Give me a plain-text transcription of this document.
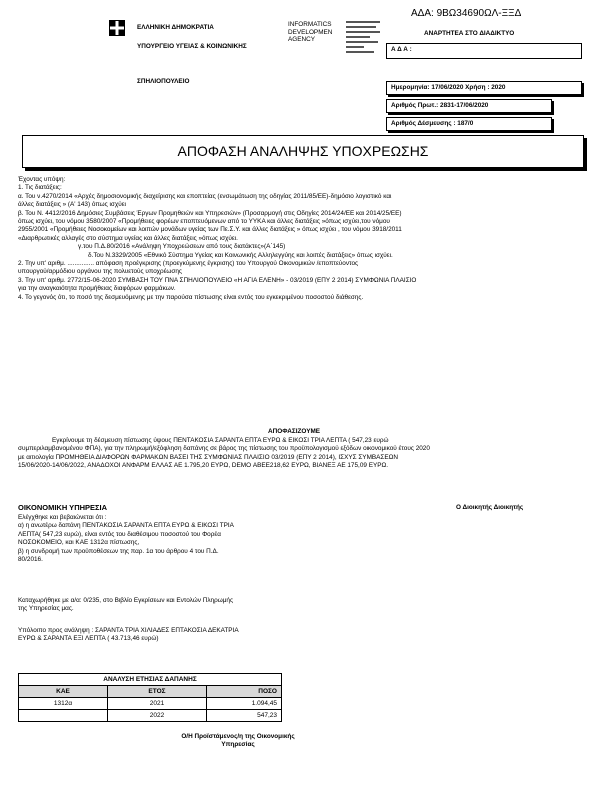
ΑΔΑ: 9ΒΩ34690ΩΛ-ΞΞΔ
ΕΛΛΗΝΙΚΗ ΔΗΜΟΚΡΑΤΙΑ
ΥΠΟΥΡΓΕΙΟ ΥΓΕΙΑΣ & ΚΟΙΝΩΝΙΚΗΣ
INFORMATICS
DEVELOPMEN
AGENCY
ΑΝΑΡΤΗΤΕΑ ΣΤΟ ΔΙΑΔΙΚΤΥΟ
Α Δ Α :
ΣΠΗΛΙΟΠΟΥΛΕΙΟ
Ημερομηνία: 17/06/2020 Χρήση : 2020
Αριθμός Πρωτ.: 2831-17/06/2020
Αριθμός Δέσμευσης : 187/0
ΑΠΟΦΑΣΗ ΑΝΑΛΗΨΗΣ ΥΠΟΧΡΕΩΣΗΣ

Έχοντας υπόψη:

1. Τις διατάξεις:

α. Του ν.4270/2014 «Αρχές δημοσιονομικής διαχείρισης και εποπτείας (ενσωμάτωση της οδηγίας 2011/85/ΕΕ)-δημόσιο λογιστικό και

άλλες διατάξεις » (Α' 143) όπως ισχύει

β. Του Ν. 4412/2016 Δημόσιες Συμβάσεις Έργων Προμηθειών και Υπηρεσιών» (Προσαρμογή στις Οδηγίες 2014/24/ΕΕ και 2014/25/ΕΕ)

όπως ισχύει, του νόμου 3580/2007 «Προμήθειες φορέων εποπτευόμενων από το ΥΥΚΑ και άλλες διατάξεις »όπως ισχύει,του νόμου

2955/2001 «Προμήθειες Νοσοκομείων και λοιπών μονάδων υγείας των Πε.Σ.Υ. και άλλες διατάξεις » όπως ισχύει , του νόμου 3918/2011

«Διαρθρωτικές αλλαγές στο σύστημα υγείας και άλλες διατάξεις »όπως ισχύει.

γ.του Π.Δ.80/2016 «Ανάληψη Υποχρεώσεων από τους διατάκτες»(Α΄145)

δ.Του Ν.3329/2005 «Εθνικό Σύστημα Υγείας και Κοινωνικής Αλληλεγγύης και λοιπές διατάξεις» όπως ισχύει.

2. Την υπ' αριθμ. ............... απόφαση προέγκρισης (προεγκύμενης έγκρισης) του Υπουργού Οικονομικών /εποπτεύοντος

υπουργού/αρμόδιου οργάνου της πολυετούς υποχρέωσης

3. Την υπ' αριθμ. 2772/15-06-2020 ΣΥΜΒΑΣΗ ΤΟΥ ΠΝΑ ΣΠΗΛΙΟΠΟΥΛΕΙΟ «Η ΑΓΙΑ ΕΛΕΝΗ» - 03/2019 (ΕΠΥ 2 2014) ΣΥΜΦΩΝΙΑ ΠΛΑΙΣΙΟ

για την αναγκαιότητα προμήθειας διαφόρων φαρμάκων.

4. Το γεγονός ότι, το ποσό της δεσμευόμενης με την παρούσα πίστωσης είναι εντός του εγκεκριμένου ποσοστού διάθεσης.

ΑΠΟΦΑΣΙΖΟΥΜΕ

Εγκρίνουμε τη δέσμευση πίστωσης ύψους ΠΕΝΤΑΚΟΣΙΑ ΣΑΡΑΝΤΑ ΕΠΤΑ ΕΥΡΩ & ΕΙΚΟΣΙ ΤΡΙΑ ΛΕΠΤΑ ( 547,23 ευρώ

συμπεριλαμβανομένου ΦΠΑ), για την πληρωμή/εξόφληση δαπάνης σε βάρος της πίστωσης του προϋπολογισμού εξόδων οικονομικού έτους 2020

με αιτιολογία ΠΡΟΜΗΘΕΙΑ ΔΙΑΦΟΡΩΝ ΦΑΡΜΑΚΩΝ ΒΑΣΕΙ ΤΗΣ ΣΥΜΦΩΝΙΑΣ ΠΛΑΙΣΙΟ 03/2019 (ΕΠΥ 2 2014), ΙΣΧΥΣ ΣΥΜΒΑΣΕΩΝ

15/06/2020-14/06/2022, ΑΝΑΔΟΧΟΙ ΑΝΦΑΡΜ ΕΛΛΑΣ ΑΕ 1.795,20 ΕΥΡΩ, DEMO ΑΒΕΕ218,62 ΕΥΡΩ, ΒΙΑΝΕΞ ΑΕ 175,09 ΕΥΡΩ.

ΟΙΚΟΝΟΜΙΚΗ ΥΠΗΡΕΣΙΑ	Ο Διοικητής Διοικητής

Ελέγχθηκε και βεβαιώνεται ότι :

α) η ανωτέρω δαπάνη ΠΕΝΤΑΚΟΣΙΑ ΣΑΡΑΝΤΑ ΕΠΤΑ ΕΥΡΩ & ΕΙΚΟΣΙ ΤΡΙΑ

ΛΕΠΤΑ( 547,23 ευρώ), είναι εντός του διαθέσιμου ποσοστού του Φορέα

ΝΟΣΟΚΟΜΕΙΟ, και ΚΑΕ 1312α πίστωσης,

β) η συνδρομή των προϋποθέσεων της παρ. 1α του άρθρου 4 του Π.Δ.

80/2016.

Καταχωρήθηκε με α/α: 0/235, στο Βιβλίο Εγκρίσεων και Εντολών Πληρωμής

της Υπηρεσίας μας.

Υπόλοιπο προς ανάληψη : ΣΑΡΑΝΤΑ ΤΡΙΑ ΧΙΛΙΑΔΕΣ ΕΠΤΑΚΟΣΙΑ ΔΕΚΑΤΡΙΑ

ΕΥΡΩ & ΣΑΡΑΝΤΑ ΕΞΙ ΛΕΠΤΑ ( 43.713,46 ευρώ)

ΑΝΑΛΥΣΗ ΕΤΗΣΙΑΣ ΔΑΠΑΝΗΣ		
ΚΑΕ	ΕΤΟΣ	ΠΟΣΟ
1312α	2021	1.094,45
	2022	547,23

Ο/Η Προϊστάμενος/η της Οικονομικής

Υπηρεσίας
